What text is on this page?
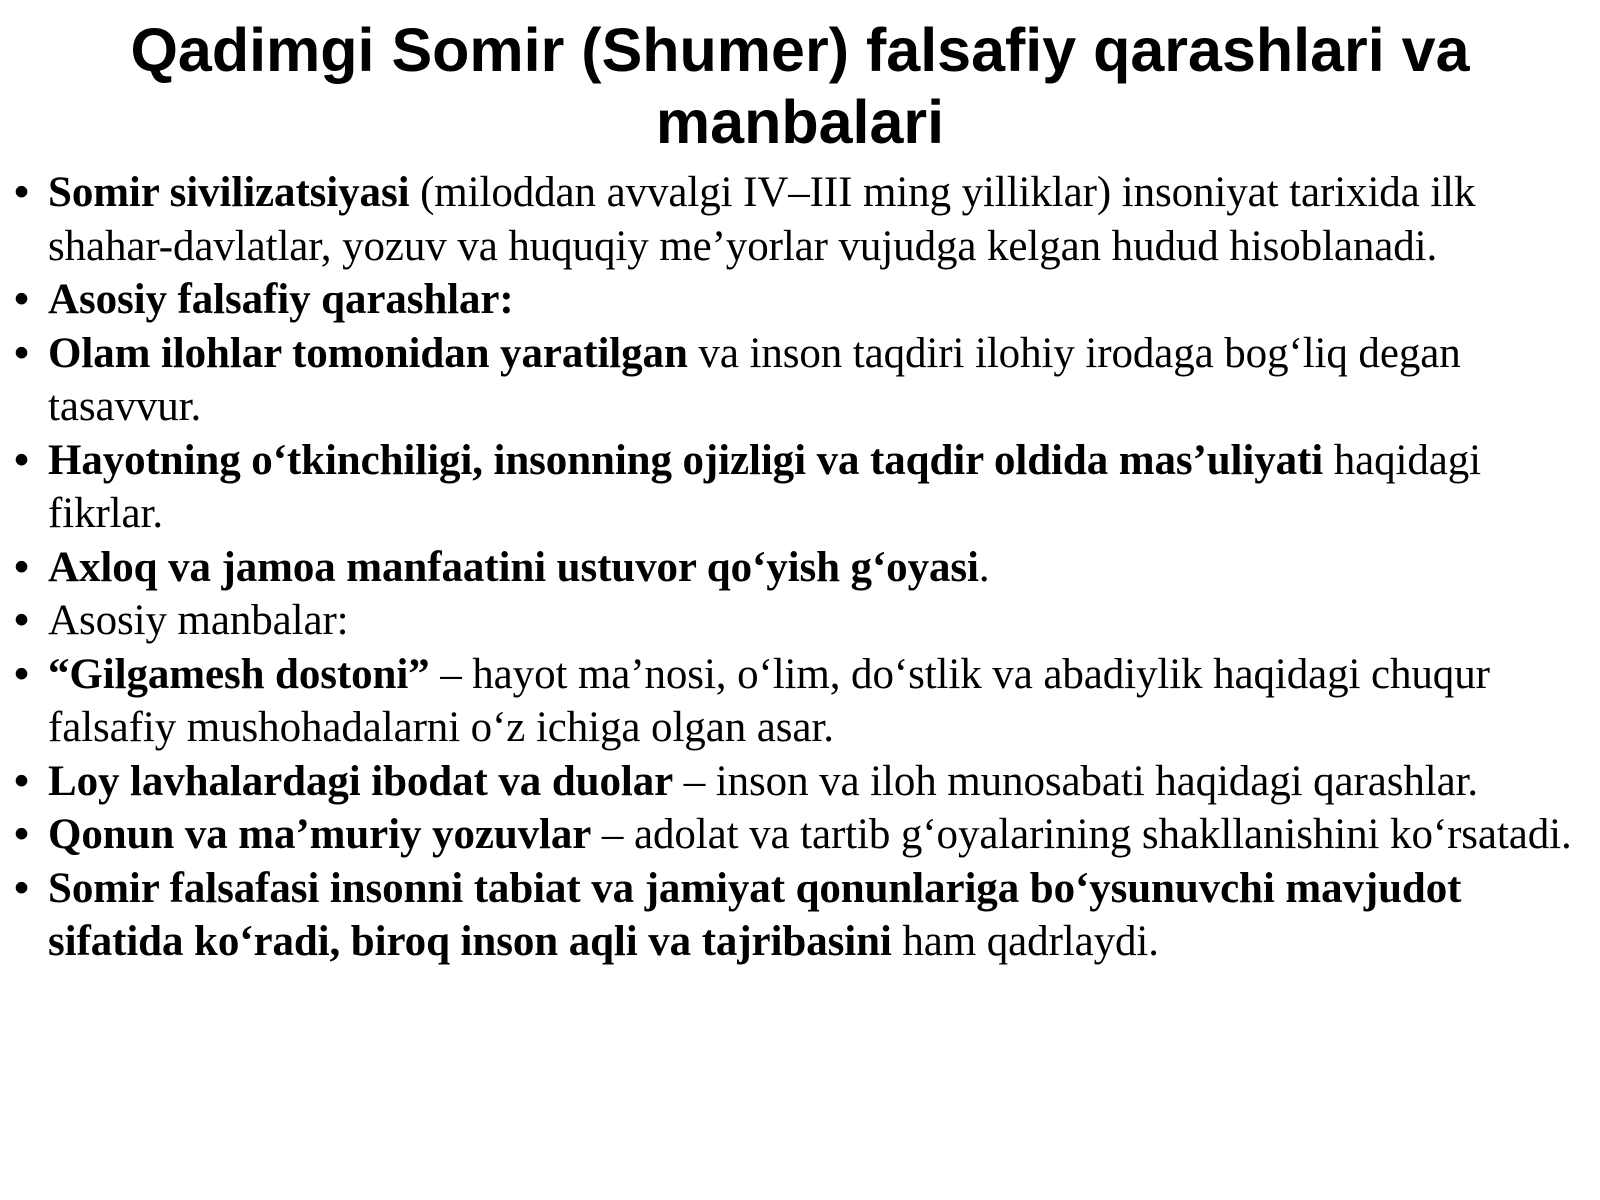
Qadimgi Somir (Shumer) falsafiy qarashlari va manbalari
• Somir sivilizatsiyasi (miloddan avvalgi IV–III ming yilliklar) insoniyat tarixida ilk shahar-davlatlar, yozuv va huquqiy me’yorlar vujudga kelgan hudud hisoblanadi.
• Asosiy falsafiy qarashlar:
• Olam ilohlar tomonidan yaratilgan va inson taqdiri ilohiy irodaga bog‘liq degan tasavvur.
• Hayotning o‘tkinchiligi, insonning ojizligi va taqdir oldida mas’uliyati haqidagi fikrlar.
• Axloq va jamoa manfaatini ustuvor qo‘yish g‘oyasi.
• Asosiy manbalar:
• “Gilgamesh dostoni” – hayot ma’nosi, o‘lim, do‘stlik va abadiylik haqidagi chuqur falsafiy mushohadalarni o‘z ichiga olgan asar.
• Loy lavhalardagi ibodat va duolar – inson va iloh munosabati haqidagi qarashlar.
• Qonun va ma’muriy yozuvlar – adolat va tartib g‘oyalarining shakllanishini ko‘rsatadi.
• Somir falsafasi insonni tabiat va jamiyat qonunlariga bo‘ysunuvchi mavjudot sifatida ko‘radi, biroq inson aqli va tajribasini ham qadrlaydi.
